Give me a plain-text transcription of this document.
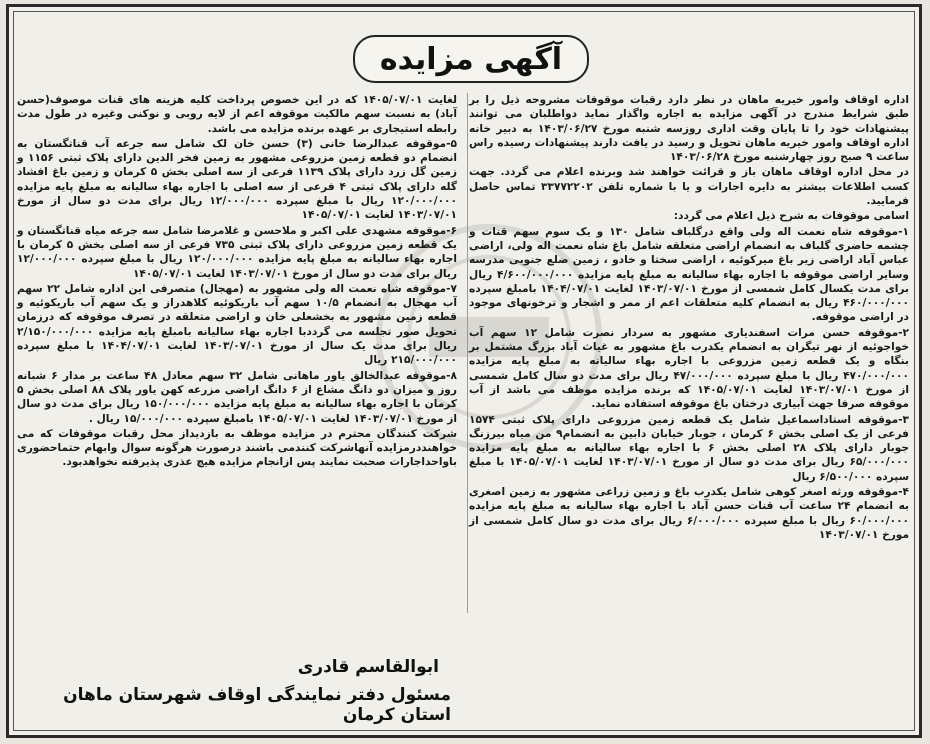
آگهی مزایده

اداره اوقاف وامور خیریه ماهان در نظر دارد رقبات موقوفات مشروحه ذیل را بر طبق شرایط مندرج در آگهی مزایده به اجاره واگذار نماید دواطلبان می توانند پیشنهادات خود را تا پایان وقت اداری روزسه شنبه مورخ ۱۴۰۳/۰۶/۲۷ به دبیر خانه اداره اوقاف وامور خیریه ماهان تحویل و رسید در یافت دارند پیشنهادات رسیده راس ساعت ۹ صبح روز چهارشنبه مورخ ۱۴۰۳/۰۶/۲۸

در محل اداره اوقاف ماهان باز و قرائت خواهند شد وبرنده اعلام می گردد. جهت کسب اطلاعات بیشتر به دایره اجارات و یا با شماره تلفن ۳۳۷۷۲۲۰۲ تماس حاصل فرمایید.

اسامی موقوفات به شرح ذیل اعلام می گردد:

۱-موقوفه شاه نعمت اله ولی واقع درگلباف شامل ۱۳۰ و یک سوم سهم قنات و چشمه حاضری گلباف به انضمام اراضی متعلقه شامل باغ شاه نعمت اله ولی، اراضی عباس آباد اراضی زیر باغ میرکوئیه ، اراضی سختا و خادو ، زمین ضلع جنوبی مدرسه وسایر اراضی موقوفه با اجاره بهاء سالیانه به مبلغ پایه مزایده ۴/۶۰۰/۰۰۰/۰۰۰ ریال برای مدت یکسال کامل شمسی از مورخ ۱۴۰۳/۰۷/۰۱ لغایت ۱۴۰۴/۰۷/۰۱ بامبلغ سپرده ۴۶۰/۰۰۰/۰۰۰ ریال به انضمام کلیه متعلقات اعم از ممر و اشجار و ترخونهای موجود در اراضی موقوفه.

۲-موقوفه حسن مرات اسفندیاری مشهور به سردار نصرت شامل ۱۲ سهم آب خواجوئیه از نهر تیگران به انضمام یکدرب باغ مشهور به غیاث آباد بزرگ مشتمل بر بنگاه و یک قطعه زمین مزروعی با اجاره بهاء سالیانه به مبلغ پایه مزایده ۴۷۰/۰۰۰/۰۰۰ ریال با مبلغ سپرده ۴۷/۰۰۰/۰۰۰ ریال برای مدت دو سال کامل شمسی از مورخ ۱۴۰۳/۰۷/۰۱ لغایت ۱۴۰۵/۰۷/۰۱ که برنده مزایده موظف می باشد از آب موقوفه صرفا جهت آبیاری درختان باغ موقوفه استفاده نماید.

۳-موقوفه استاداسماعیل شامل یک قطعه زمین مزروعی دارای پلاک ثبتی ۱۵۷۴ فرعی از یک اصلی بخش ۶ کرمان ، جوبار خیابان دابین به انضمام۹ من میاه بیرزنگ جوبار دارای پلاک ۲۸ اصلی بخش ۶ با اجاره بهاء سالیانه به مبلغ پایه مزایده ۶۵/۰۰۰/۰۰۰ ریال برای مدت دو سال از مورخ ۱۴۰۳/۰۷/۰۱ لغایت ۱۴۰۵/۰۷/۰۱ با مبلغ سپرده ۶/۵۰۰/۰۰۰ ریال

۴-موقوفه ورثه اصغر کوهی شامل یکدرب باغ و زمین زراعی مشهور به زمین اصغری به انضمام ۲۴ ساعت آب قنات حسن آباد با اجاره بهاء سالیانه به مبلغ پایه مزایده ۶۰/۰۰۰/۰۰۰ ریال با مبلغ سپرده ۶/۰۰۰/۰۰۰ ریال برای مدت دو سال کامل شمسی از مورخ ۱۴۰۳/۰۷/۰۱

لغایت ۱۴۰۵/۰۷/۰۱ که در این خصوص پرداخت کلیه هزینه های قنات موصوف(حسن آباد) به نسبت سهم مالکیت موقوفه اعم از لایه روبی و نوکنی وغیره در طول مدت رابطه استیجاری بر عهده برنده مزایده می باشد.

۵-موقوفه عبدالرضا خانی (۳) حسن خان لک شامل سه جرعه آب قناتگستان به انضمام دو قطعه زمین مزروعی مشهور به زمین فخر الدین دارای پلاک ثبتی ۱۱۵۶ و زمین گل زرد دارای پلاک ۱۱۳۹ فرعی از سه اصلی بخش ۵ کرمان و زمین باغ افشاد گله دارای پلاک ثبتی ۴ فرعی از سه اصلی با اجاره بهاء سالیانه به مبلغ پایه مزایده ۱۲۰/۰۰۰/۰۰۰ ریال با مبلغ سپرده ۱۲/۰۰۰/۰۰۰ ریال برای مدت دو سال از مورخ ۱۴۰۳/۰۷/۰۱ لغایت ۱۴۰۵/۰۷/۰۱

۶-موقوفه مشهدی علی اکبر و ملاحسن و غلامرضا شامل سه جرعه میاه قناتگستان و یک قطعه زمین مزروعی دارای پلاک ثبتی ۷۳۵ فرعی از سه اصلی بخش ۵ کرمان با اجاره بهاء سالیانه به مبلغ پایه مزایده ۱۲۰/۰۰۰/۰۰۰ ریال با مبلغ سپرده ۱۲/۰۰۰/۰۰۰ ریال برای مدت دو سال از مورخ ۱۴۰۳/۰۷/۰۱ لغایت ۱۴۰۵/۰۷/۰۱

۷-موقوفه شاه نعمت اله ولی مشهور به (مهجال) متصرفی این اداره شامل ۲۲ سهم آب مهجال به انضمام ۱۰/۵ سهم آب باریکوئیه کلاهدراز و یک سهم آب باریکوئیه و قطعه زمین مشهور به بخشعلی خان و اراضی متعلقه در تصرف موقوفه که درزمان تحویل صور تجلسه می گرددبا اجاره بهاء سالیانه بامبلغ پایه مزایده ۲/۱۵۰/۰۰۰/۰۰۰ ریال برای مدت یک سال از مورخ ۱۴۰۳/۰۷/۰۱ لغایت ۱۴۰۴/۰۷/۰۱ با مبلغ سپرده ۲۱۵/۰۰۰/۰۰۰ ریال

۸-موقوفه عبدالخالق یاور ماهانی شامل ۳۲ سهم معادل ۴۸ ساعت بر مدار ۶ شبانه روز و میزان دو دانگ مشاع از ۶ دانگ اراضی مزرعه کهن یاور پلاک ۸۸ اصلی بخش ۵ کرمان با اجاره بهاء سالیانه به مبلغ پایه مزایده ۱۵۰/۰۰۰/۰۰۰ ریال برای مدت دو سال از مورخ ۱۴۰۳/۰۷/۰۱ لغایت ۱۴۰۵/۰۷/۰۱ بامبلغ سپرده ۱۵/۰۰۰/۰۰۰ ریال .

شرکت کنندگان محترم در مزایده موظف به بازدیداز محل رقبات موقوفات که می خواهنددرمزایده آنهاشرکت کنندمی باشند درصورت هرگونه سوال وابهام حتماحضوری باواحداجارات صحبت نمایند پس ازانجام مزایده هیچ عذری پذیرفته نخواهدبود.

ابوالقاسم قادری
مسئول دفتر نمایندگی اوقاف شهرستان ماهان استان کرمان
